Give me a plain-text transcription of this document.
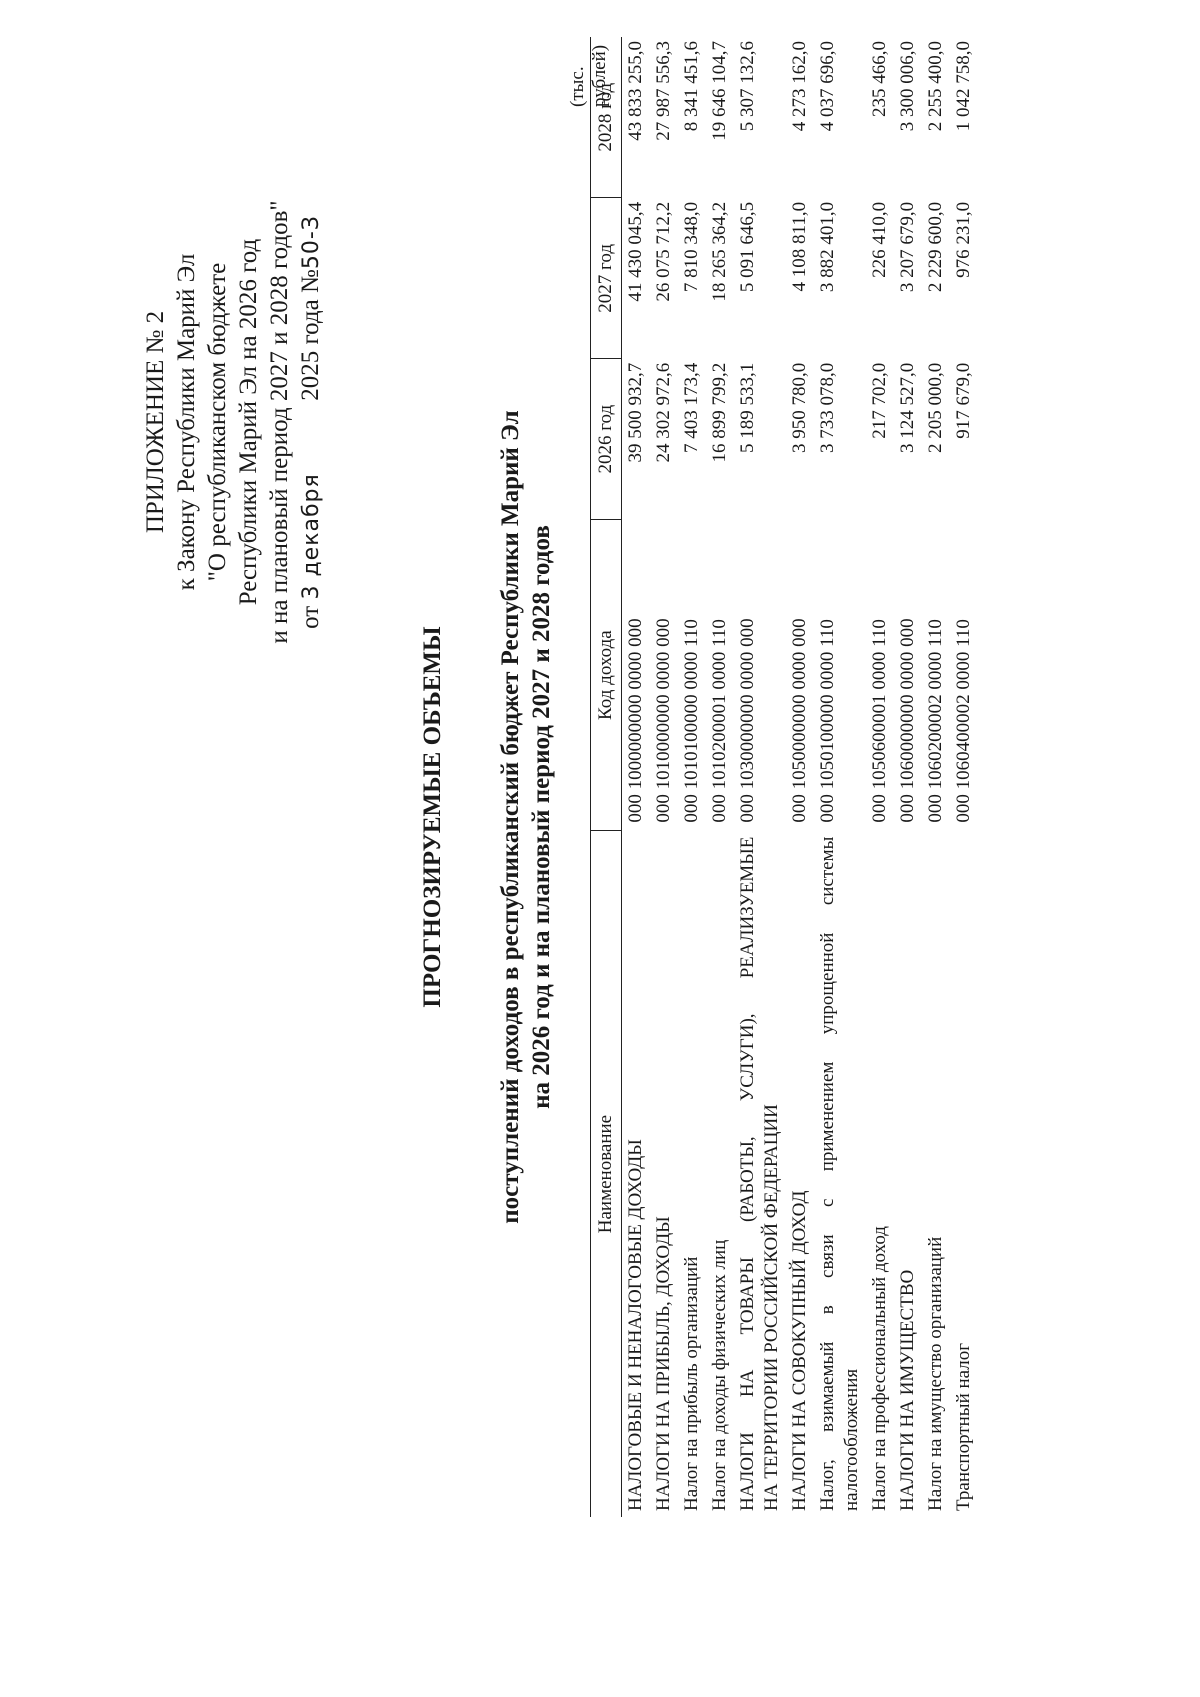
ПРИЛОЖЕНИЕ № 2 к Закону Республики Марий Эл "О республиканском бюджете Республики Марий Эл на 2026 год и на плановый период 2027 и 2028 годов" от 3 декабря  2025 года №50-З
ПРОГНОЗИРУЕМЫЕ ОБЪЕМЫ поступлений доходов в республиканский бюджет Республики Марий Эл на 2026 год и на плановый период 2027 и 2028 годов
(тыс. рублей)
Наименование	Код дохода	2026 год	2027 год	2028 год
НАЛОГОВЫЕ И НЕНАЛОГОВЫЕ ДОХОДЫ	000 1000000000 0000 000	39 500 932,7	41 430 045,4	43 833 255,0
НАЛОГИ НА ПРИБЫЛЬ, ДОХОДЫ	000 1010000000 0000 000	24 302 972,6	26 075 712,2	27 987 556,3
Налог на прибыль организаций	000 1010100000 0000 110	7 403 173,4	7 810 348,0	8 341 451,6
Налог на доходы физических лиц	000 1010200001 0000 110	16 899 799,2	18 265 364,2	19 646 104,7
НАЛОГИ НА ТОВАРЫ (РАБОТЫ, УСЛУГИ), РЕАЛИЗУЕМЫЕ НА ТЕРРИТОРИИ РОССИЙСКОЙ ФЕДЕРАЦИИ	000 1030000000 0000 000	5 189 533,1	5 091 646,5	5 307 132,6
НАЛОГИ НА СОВОКУПНЫЙ ДОХОД	000 1050000000 0000 000	3 950 780,0	4 108 811,0	4 273 162,0
Налог, взимаемый в связи с применением упрощенной системы налогообложения	000 1050100000 0000 110	3 733 078,0	3 882 401,0	4 037 696,0
Налог на профессиональный доход	000 1050600001 0000 110	217 702,0	226 410,0	235 466,0
НАЛОГИ НА ИМУЩЕСТВО	000 1060000000 0000 000	3 124 527,0	3 207 679,0	3 300 006,0
Налог на имущество организаций	000 1060200002 0000 110	2 205 000,0	2 229 600,0	2 255 400,0
Транспортный налог	000 1060400002 0000 110	917 679,0	976 231,0	1 042 758,0
